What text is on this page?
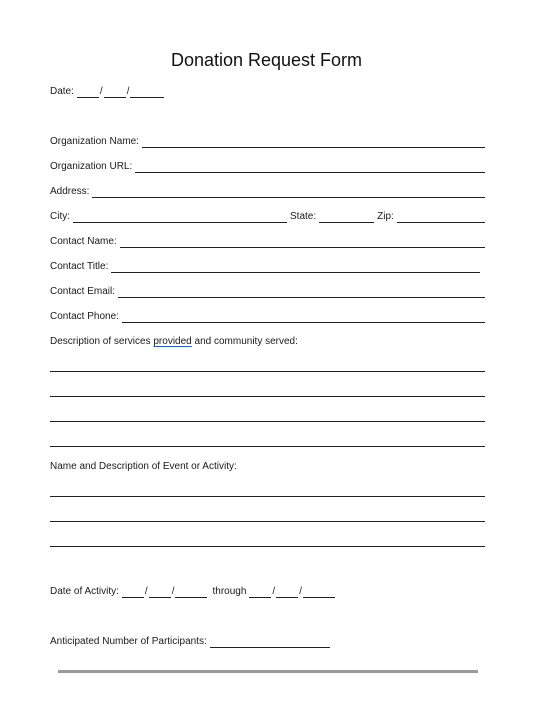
Donation Request Form
Date:	/ /
Organization Name:
Organization URL:
Address:
City:	State:	Zip:
Contact Name:
Contact Title:
Contact Email:
Contact Phone:
Description of services provided and community served:
Name and Description of Event or Activity:
Date of Activity:	/ /	through	/ /
Anticipated Number of Participants:
